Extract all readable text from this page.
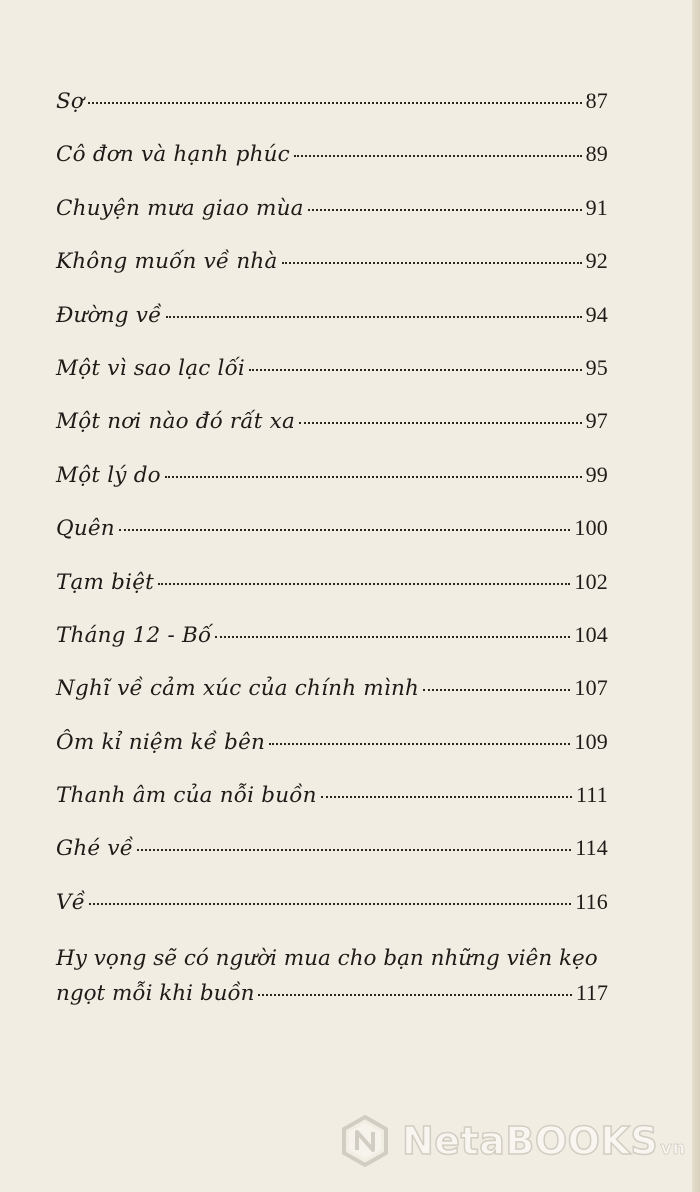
Sợ	87
Cô đơn và hạnh phúc	89
Chuyện mưa giao mùa	91
Không muốn về nhà	92
Đường về	94
Một vì sao lạc lối	95
Một nơi nào đó rất xa	97
Một lý do	99
Quên	100
Tạm biệt	102
Tháng 12 - Bố	104
Nghĩ về cảm xúc của chính mình	107
Ôm kỉ niệm kề bên	109
Thanh âm của nỗi buồn	111
Ghé về	114
Về	116
Hy vọng sẽ có người mua cho bạn những viên kẹo
ngọt mỗi khi buồn	117
NetaBOOKS vn
